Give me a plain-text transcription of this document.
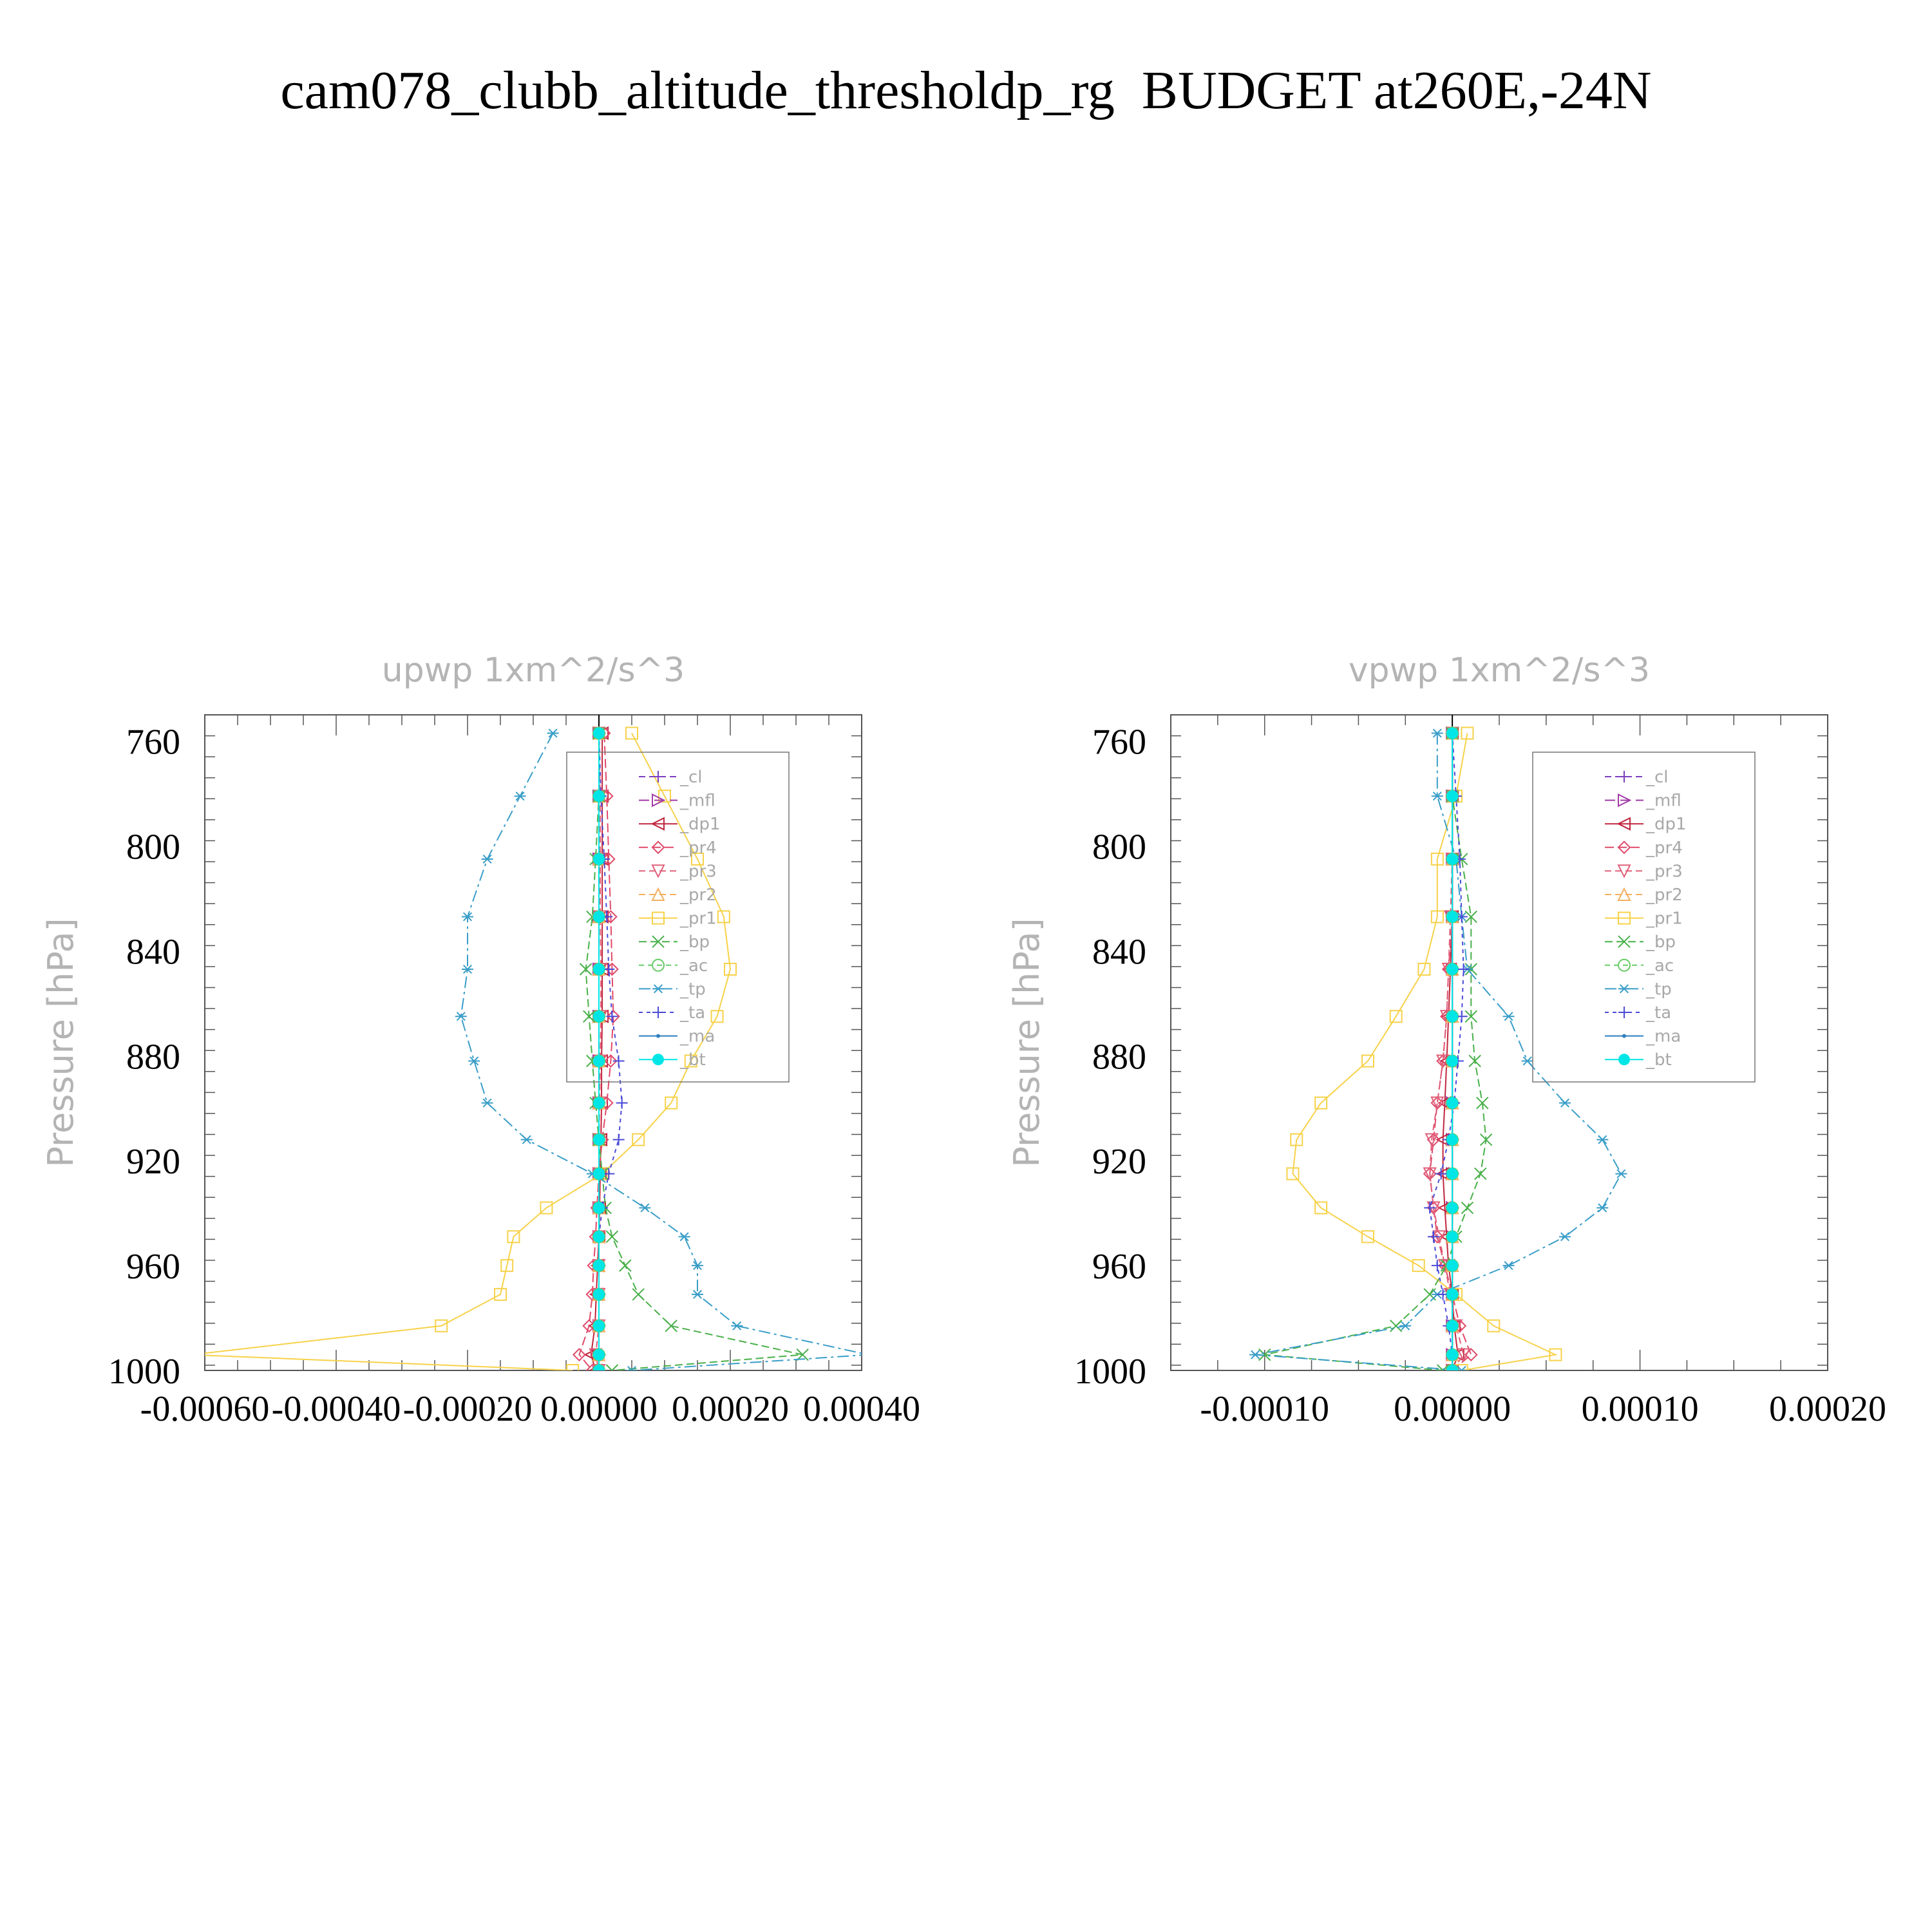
cam078_clubb_altitude_thresholdp_rg  BUDGET at260E,-24N
upwp 1xm^2/s^3
Pressure [hPa]
760
800
840
880
920
960
1000
-0.00060 -0.00040 -0.00020 0.00000 0.00020 0.00040
_cl
_mfl
_dp1
_pr4
_pr3
_pr2
_pr1
_bp
_ac
_tp
_ta
_ma
_bt
vpwp 1xm^2/s^3
Pressure [hPa]
760
800
840
880
920
960
1000
-0.00010 0.00000 0.00010 0.00020
_cl
_mfl
_dp1
_pr4
_pr3
_pr2
_pr1
_bp
_ac
_tp
_ta
_ma
_bt
